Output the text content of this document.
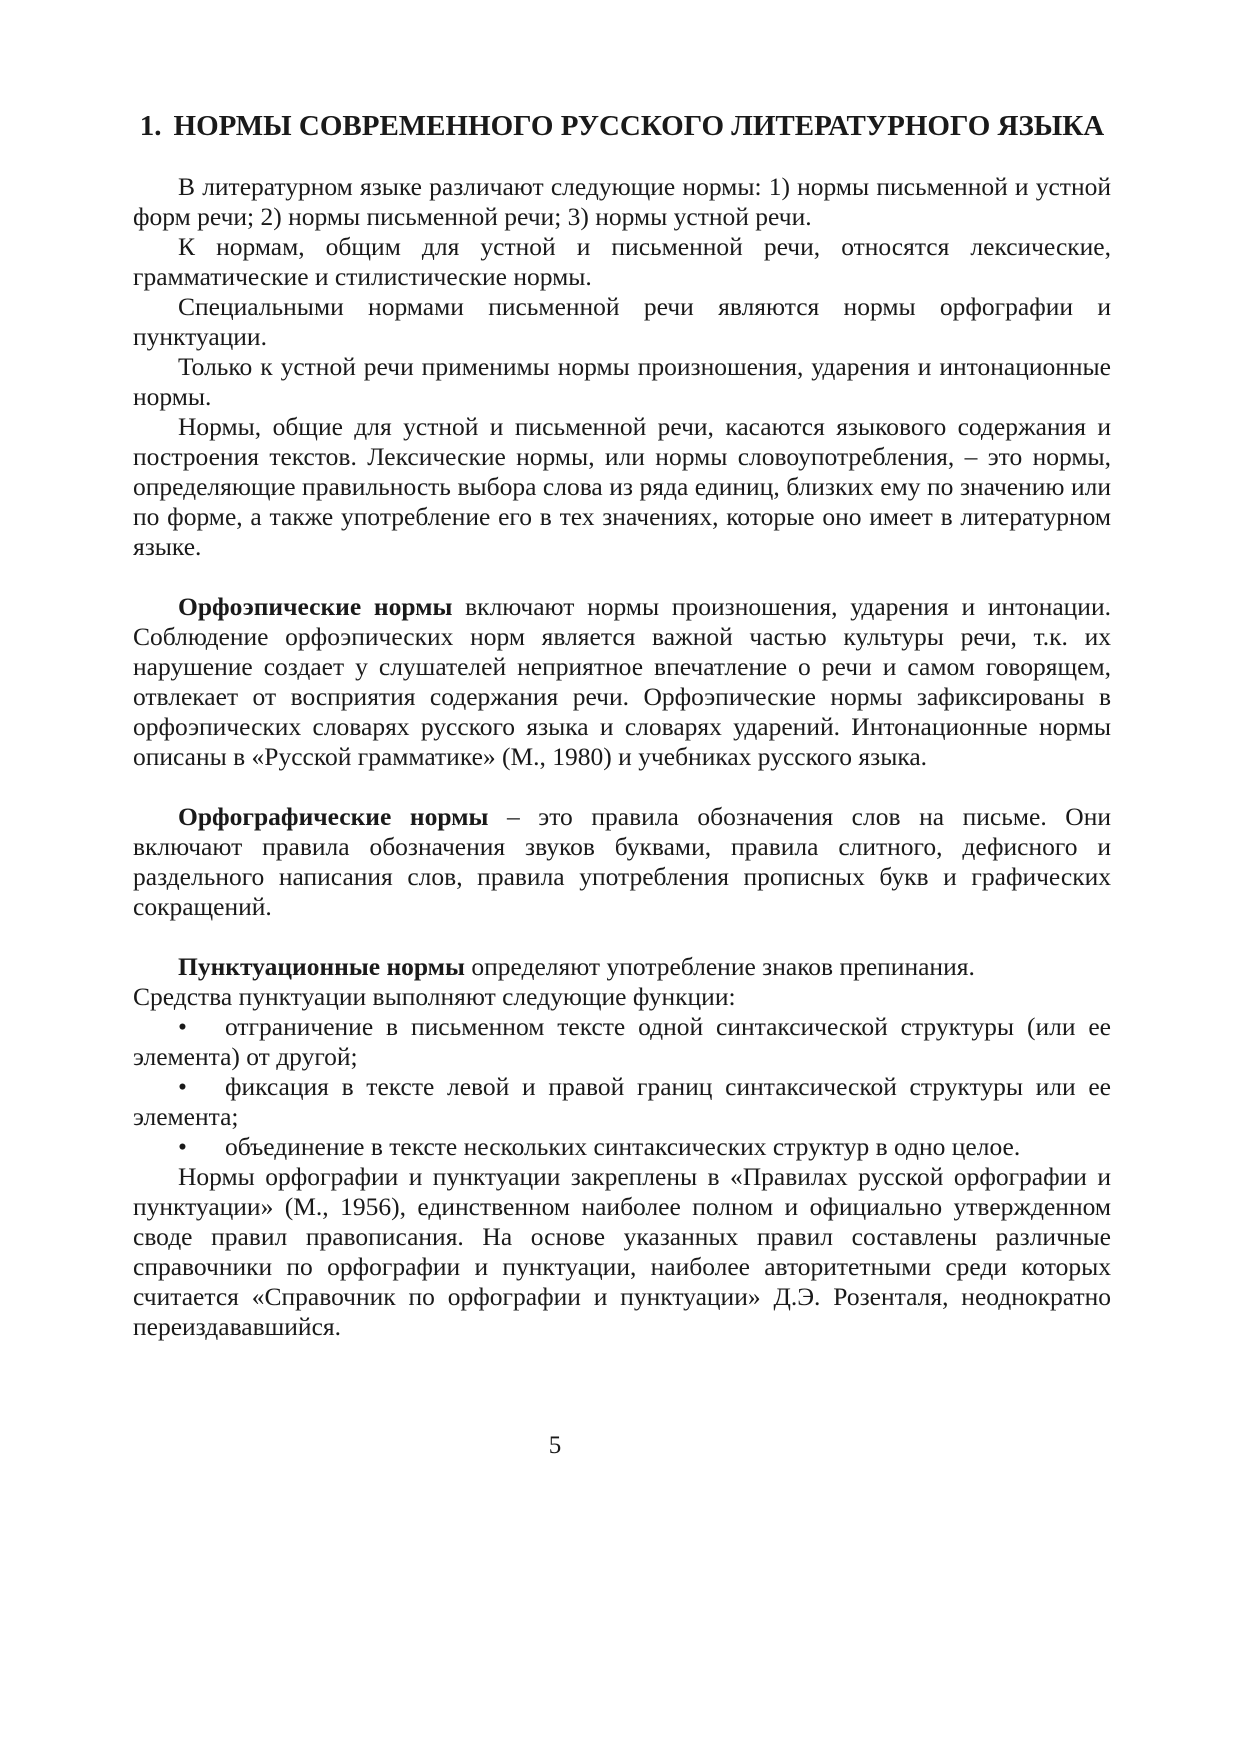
1. НОРМЫ СОВРЕМЕННОГО РУССКОГО ЛИТЕРАТУРНОГО ЯЗЫКА

В литературном языке различают следующие нормы: 1) нормы письменной и устной форм речи; 2) нормы письменной речи; 3) нормы устной речи.

К нормам, общим для устной и письменной речи, относятся лексические, грамматические и стилистические нормы.

Специальными нормами письменной речи являются нормы орфографии и пунктуации.

Только к устной речи применимы нормы произношения, ударения и интонационные нормы.

Нормы, общие для устной и письменной речи, касаются языкового содержания и построения текстов. Лексические нормы, или нормы словоупотребления, – это нормы, определяющие правильность выбора слова из ряда единиц, близких ему по значению или по форме, а также употребление его в тех значениях, которые оно имеет в литературном языке.

Орфоэпические нормы включают нормы произношения, ударения и интонации. Соблюдение орфоэпических норм является важной частью культуры речи, т.к. их нарушение создает у слушателей неприятное впечатление о речи и самом говорящем, отвлекает от восприятия содержания речи. Орфоэпические нормы зафиксированы в орфоэпических словарях русского языка и словарях ударений. Интонационные нормы описаны в «Русской грамматике» (М., 1980) и учебниках русского языка.

Орфографические нормы – это правила обозначения слов на письме. Они включают правила обозначения звуков буквами, правила слитного, дефисного и раздельного написания слов, правила употребления прописных букв и графических сокращений.

Пунктуационные нормы определяют употребление знаков препинания.

Средства пунктуации выполняют следующие функции:

• отграничение в письменном тексте одной синтаксической структуры (или ее элемента) от другой;

• фиксация в тексте левой и правой границ синтаксической структуры или ее элемента;

• объединение в тексте нескольких синтаксических структур в одно целое.

Нормы орфографии и пунктуации закреплены в «Правилах русской орфографии и пунктуации» (М., 1956), единственном наиболее полном и официально утвержденном своде правил правописания. На основе указанных правил составлены различные справочники по орфографии и пунктуации, наиболее авторитетными среди которых считается «Справочник по орфографии и пунктуации» Д.Э. Розенталя, неоднократно переиздававшийся.

5
